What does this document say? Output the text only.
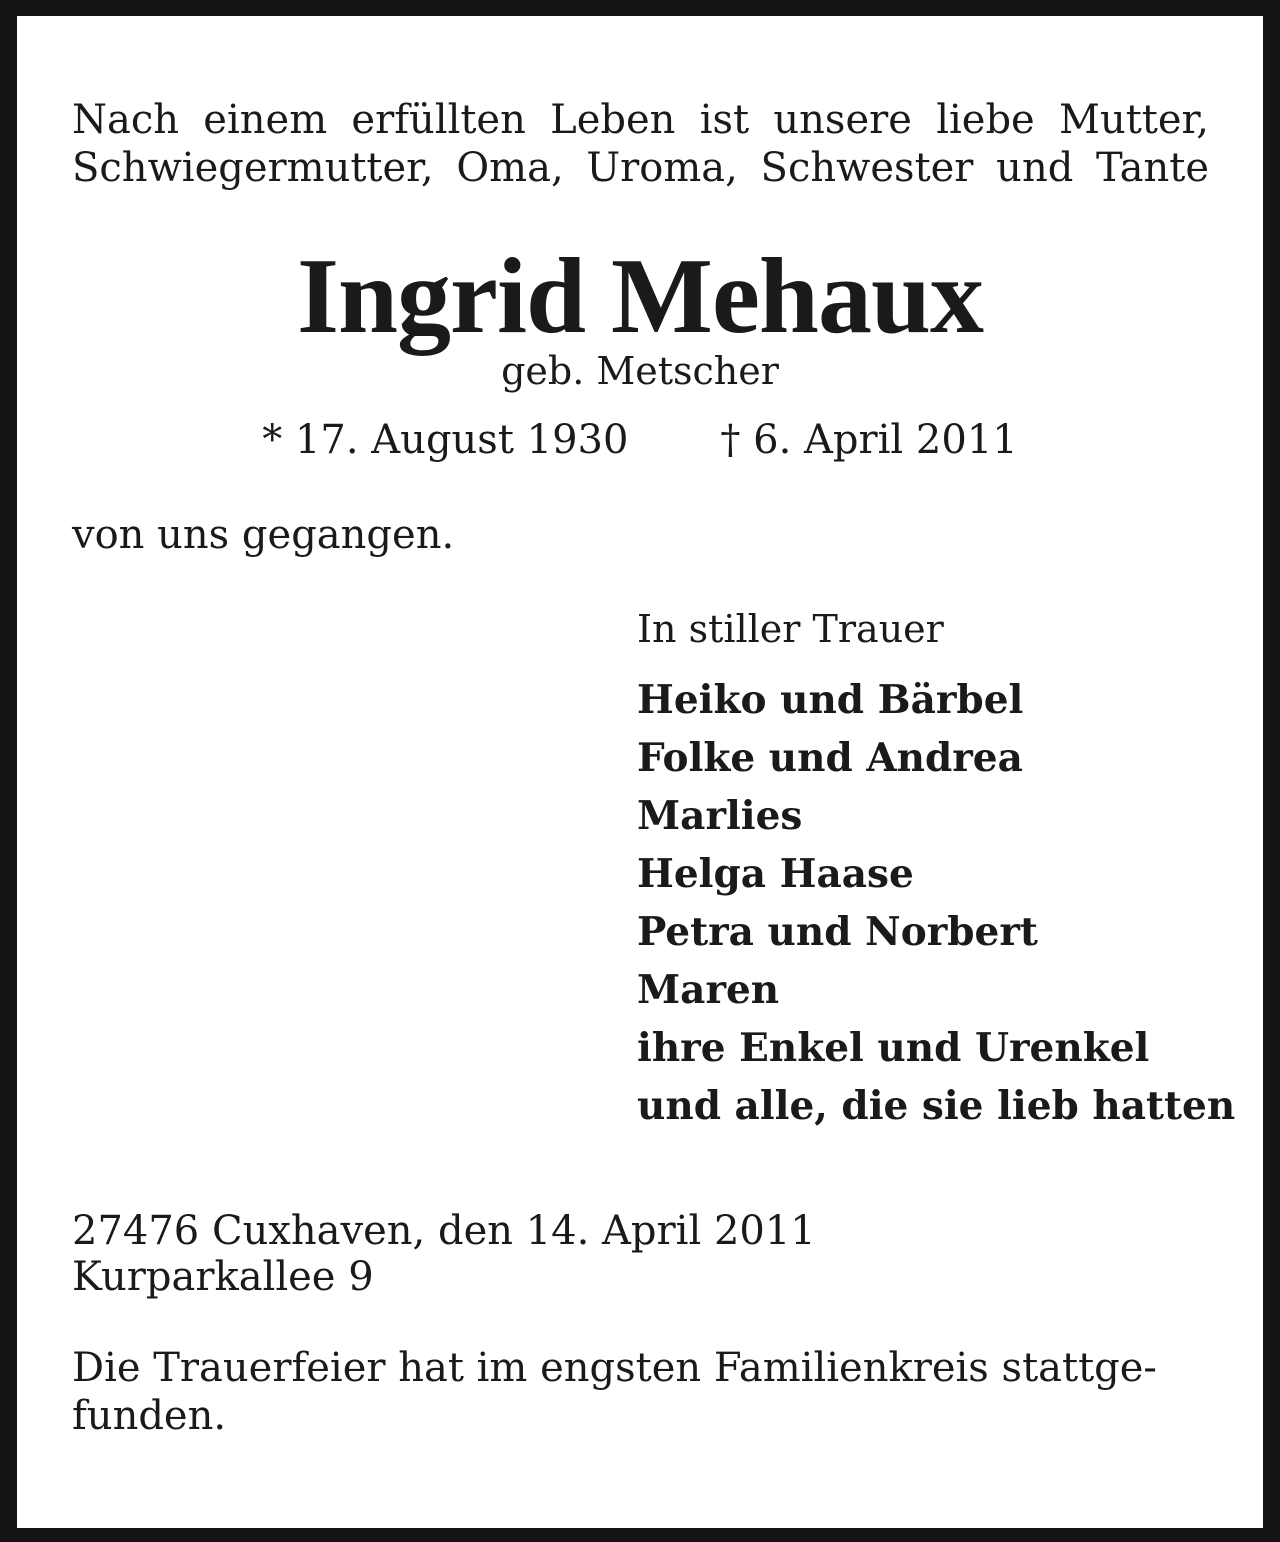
Nach einem erfüllten Leben ist unsere liebe Mutter,
Schwiegermutter, Oma, Uroma, Schwester und Tante
Ingrid Mehaux
geb. Metscher
* 17. August 1930 † 6. April 2011
von uns gegangen.
In stiller Trauer
Heiko und Bärbel
Folke und Andrea
Marlies
Helga Haase
Petra und Norbert
Maren
ihre Enkel und Urenkel
und alle, die sie lieb hatten
27476 Cuxhaven, den 14. April 2011
Kurparkallee 9
Die Trauerfeier hat im engsten Familienkreis stattge-
funden.
